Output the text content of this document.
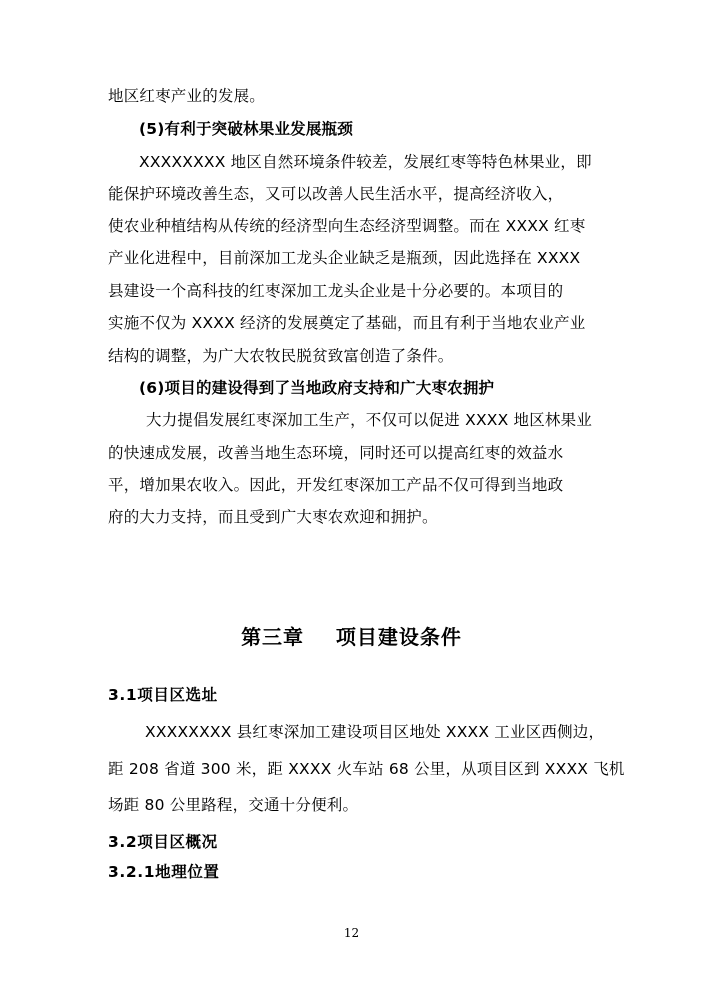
地区红枣产业的发展。
(5)有利于突破林果业发展瓶颈
XXXXXXXX 地区自然环境条件较差，发展红枣等特色林果业，即
能保护环境改善生态，又可以改善人民生活水平，提高经济收入，
使农业种植结构从传统的经济型向生态经济型调整。而在 XXXX 红枣
产业化进程中，目前深加工龙头企业缺乏是瓶颈，因此选择在 XXXX
县建设一个高科技的红枣深加工龙头企业是十分必要的。本项目的
实施不仅为 XXXX 经济的发展奠定了基础，而且有利于当地农业产业
结构的调整，为广大农牧民脱贫致富创造了条件。
(6)项目的建设得到了当地政府支持和广大枣农拥护
大力提倡发展红枣深加工生产，不仅可以促进 XXXX 地区林果业
的快速成发展，改善当地生态环境，同时还可以提高红枣的效益水
平，增加果农收入。因此，开发红枣深加工产品不仅可得到当地政
府的大力支持，而且受到广大枣农欢迎和拥护。
第三章    项目建设条件
3.1项目区选址
XXXXXXXX 县红枣深加工建设项目区地处 XXXX 工业区西侧边，
距 208 省道 300 米，距 XXXX 火车站 68 公里，从项目区到 XXXX 飞机
场距 80 公里路程，交通十分便利。
3.2项目区概况
3.2.1地理位置
12
